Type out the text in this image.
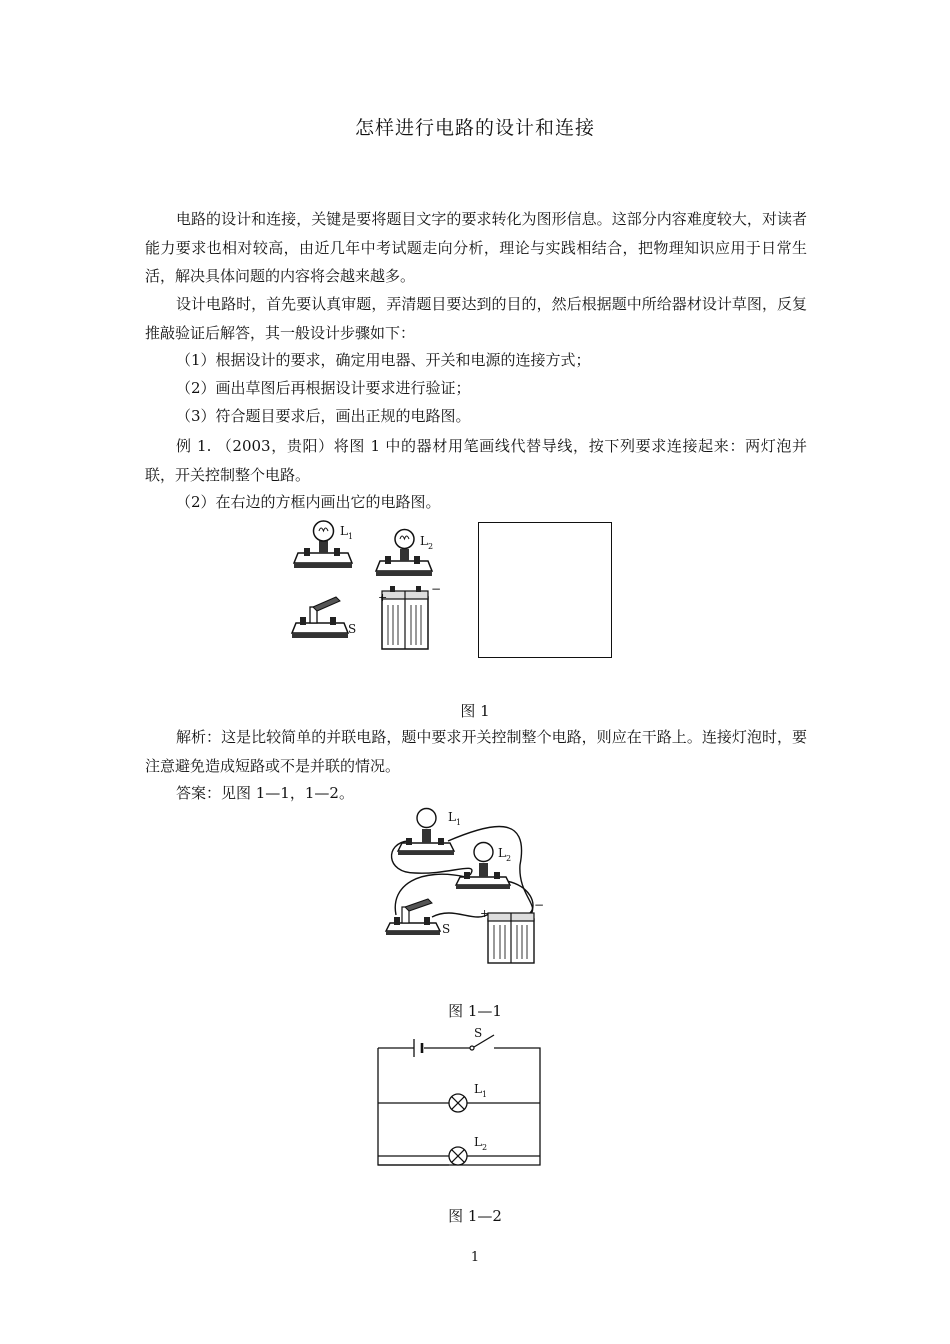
怎样进行电路的设计和连接

电路的设计和连接，关键是要将题目文字的要求转化为图形信息。这部分内容难度较大，对读者能力要求也相对较高，由近几年中考试题走向分析，理论与实践相结合，把物理知识应用于日常生活，解决具体问题的内容将会越来越多。

设计电路时，首先要认真审题，弄清题目要达到的目的，然后根据题中所给器材设计草图，反复推敲验证后解答，其一般设计步骤如下：

（1）根据设计的要求，确定用电器、开关和电源的连接方式；
（2）画出草图后再根据设计要求进行验证；
（3）符合题目要求后，画出正规的电路图。

例 1. （2003，贵阳）将图 1 中的器材用笔画线代替导线，按下列要求连接起来：两灯泡并联，开关控制整个电路。

（2）在右边的方框内画出它的电路图。
L 1	L 2
S
+
−
图 1

解析：这是比较简单的并联电路，题中要求开关控制整个电路，则应在干路上。连接灯泡时，要注意避免造成短路或不是并联的情况。

答案：见图 1—1，1—2。
L 1
L 2
S
+
−
图 1—1
S
L 1
L 2
图 1—2
1
